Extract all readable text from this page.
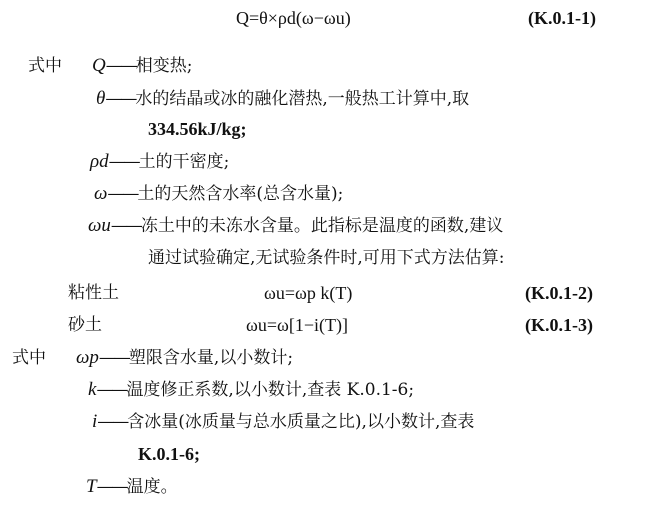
Q=θ×ρd(ω−ωu)	(K.0.1-1)
式中 Q——相变热;
θ——水的结晶或冰的融化潜热,一般热工计算中,取
334.56kJ/kg;
ρd——土的干密度;
ω——土的天然含水率(总含水量);
ωu——冻土中的未冻水含量。此指标是温度的函数,建议
通过试验确定,无试验条件时,可用下式方法估算:
粘性土	ωu=ωp k(T)	(K.0.1-2)
砂土	ωu=ω[1−i(T)]	(K.0.1-3)
式中 ωp——塑限含水量,以小数计;
k——温度修正系数,以小数计,查表 K.0.1-6;
i——含冰量(冰质量与总水质量之比),以小数计,查表
K.0.1-6;
T——温度。
